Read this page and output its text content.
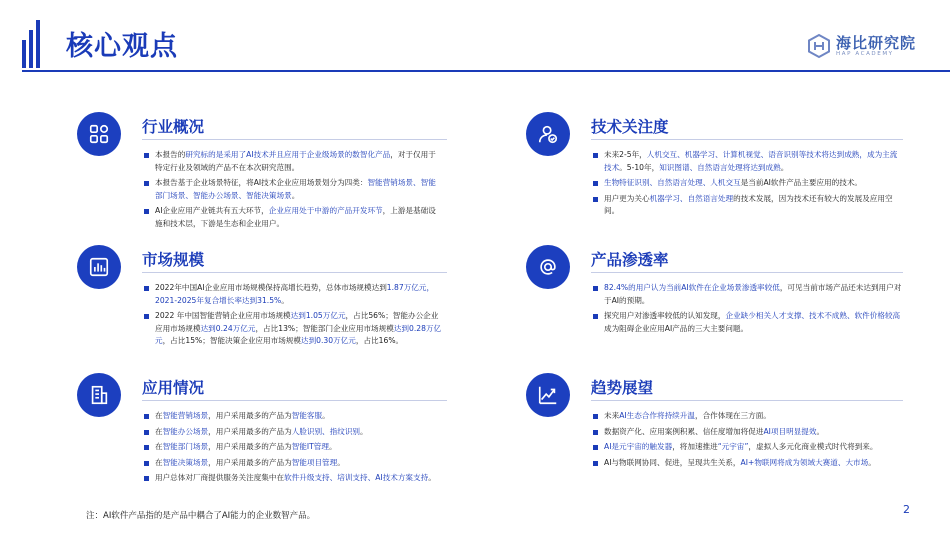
核心观点	海比研究院
HAP ACADEMY
行业概况
本报告的研究标的是采用了AI技术并且应用于企业级场景的数智化产品，对于仅用于特定行业及领域的产品不在本次研究范围。
本报告基于企业场景特征，将AI技术企业应用场景划分为四类：智能营销场景、智能部门场景、智能办公场景、智能决策场景。
AI企业应用产业链共有五大环节，企业应用处于中游的产品开发环节，上游是基础设施和技术层，下游是生态和企业用户。
市场规模
2022年中国AI企业应用市场规模保持高增长趋势，总体市场规模达到1.87万亿元，2021-2025年复合增长率达到31.5%。
2022 年中国智能营销企业应用市场规模达到1.05万亿元，占比56%；智能办公企业应用市场规模达到0.24万亿元，占比13%；智能部门企业应用市场规模达到0.28万亿元，占比15%；智能决策企业应用市场规模达到0.30万亿元，占比16%。
应用情况
在智能营销场景，用户采用最多的产品为智能客服。
在智能办公场景，用户采用最多的产品为人脸识别、指纹识别。
在智能部门场景，用户采用最多的产品为智能IT管理。
在智能决策场景，用户采用最多的产品为智能项目管理。
用户总体对厂商提供服务关注度集中在软件升级支持、培训支持、AI技术方案支持。
技术关注度
未来2-5年，人机交互、机器学习、计算机视觉、语音识别等技术将达到成熟，成为主流技术。5-10年，知识图谱、自然语言处理将达到成熟。
生物特征识别、自然语言处理、人机交互是当前AI软件产品主要应用的技术。
用户更为关心机器学习、自然语言处理的技术发展，因为技术还有较大的发展及应用空间。
产品渗透率
82.4%的用户认为当前AI软件在企业场景渗透率较低，可见当前市场产品还未达到用户对于AI的预期。
探究用户对渗透率较低的认知发现，企业缺少相关人才支撑、技术不成熟、软件价格较高成为阻碍企业应用AI产品的三大主要问题。
趋势展望
未来AI生态合作将持续升温，合作体现在三方面。
数据资产化、应用案例积累、信任度增加将促进AI项目明显提效。
AI是元宇宙的触发器，将加速推进“元宇宙”，虚拟人多元化商业模式时代将到来。
AI与物联网协同、促进，呈现共生关系，AI+物联网将成为领域大赛道、大市场。
注：AI软件产品指的是产品中耦合了AI能力的企业数智产品。	2
